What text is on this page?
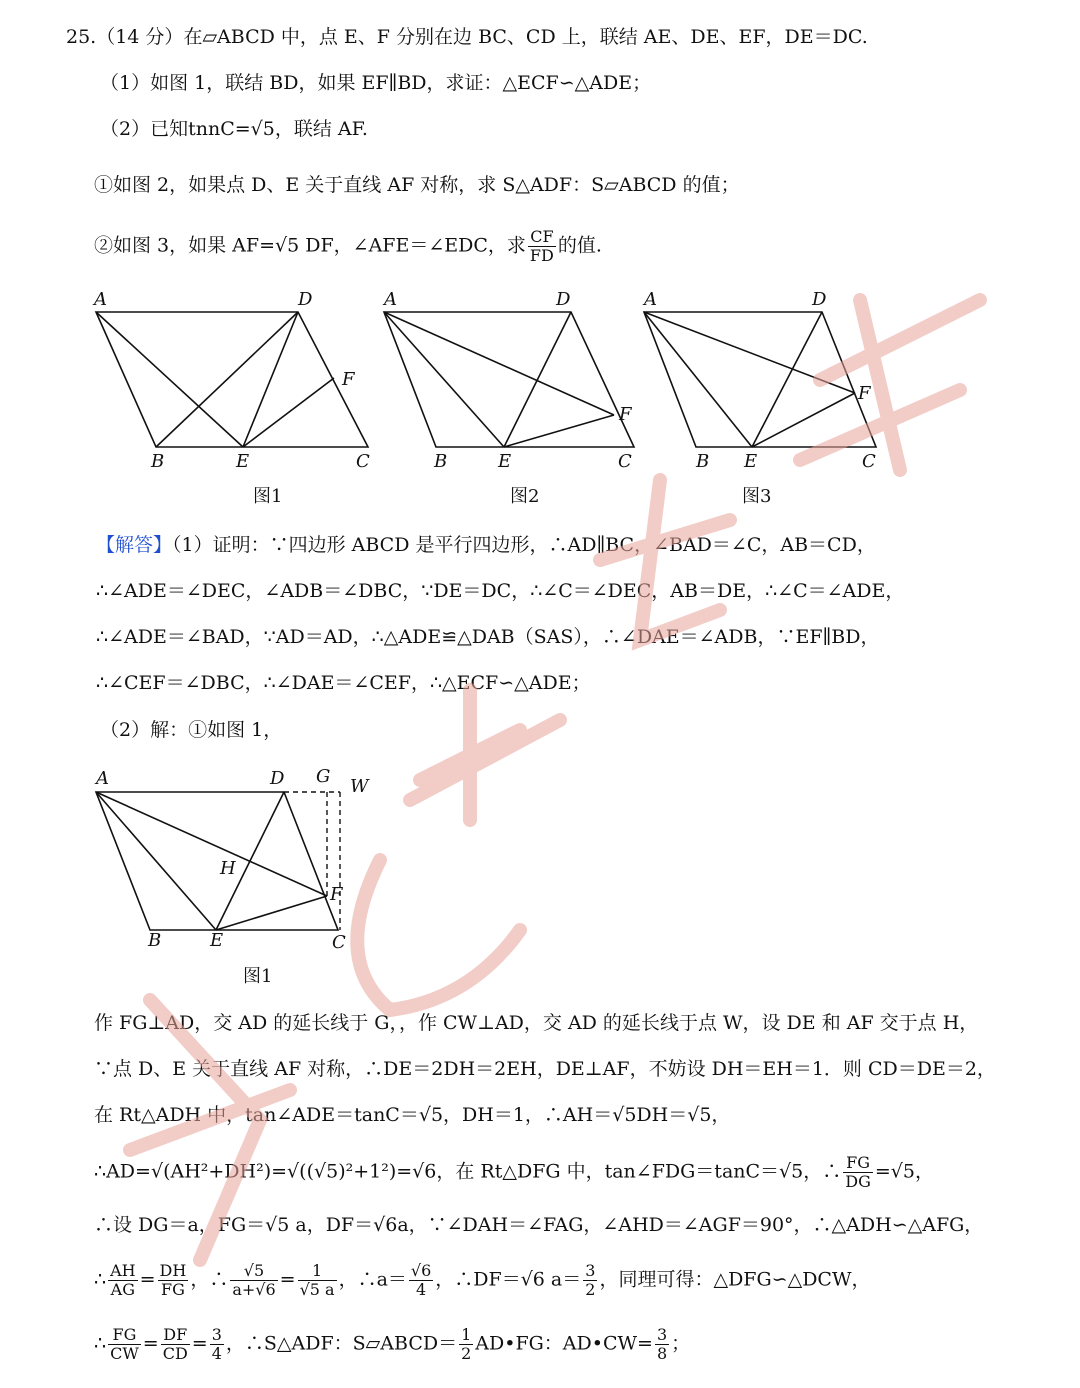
25.（14 分）在▱ABCD 中，点 E、F 分别在边 BC、CD 上，联结 AE、DE、EF，DE＝DC.
（1）如图 1，联结 BD，如果 EF∥BD，求证：△ECF∽△ADE；
（2）已知tnnC=√5，联结 AF.
①如图 2，如果点 D、E 关于直线 AF 对称，求 S△ADF：S▱ABCD 的值；
②如图 3，如果 AF=√5 DF，∠AFE＝∠EDC，求 $\frac{CF}{FD}$ 的值.
A	D
F
B	E	C
图1
A	D
F
B	E	C
图2
A	D
F
B E	C
图3
【解答】（1）证明：∵四边形 ABCD 是平行四边形，∴AD∥BC，∠BAD＝∠C，AB＝CD，
∴∠ADE＝∠DEC，∠ADB＝∠DBC，∵DE＝DC，∴∠C＝∠DEC，AB＝DE，∴∠C＝∠ADE，
∴∠ADE＝∠BAD，∵AD＝AD，∴△ADE≌△DAB（SAS），∴∠DAE＝∠ADB，∵EF∥BD，
∴∠CEF＝∠DBC，∴∠DAE＝∠CEF，∴△ECF∽△ADE；
（2）解：①如图 1，
A	D G W
H
F
B	E	C
图1
作 FG⊥AD，交 AD 的延长线于 G，，作 CW⊥AD，交 AD 的延长线于点 W，设 DE 和 AF 交于点 H，
∵点 D、E 关于直线 AF 对称，∴DE＝2DH＝2EH，DE⊥AF，不妨设 DH＝EH＝1．则 CD＝DE＝2，
在 Rt△ADH 中，tan∠ADE＝tanC＝√5，DH＝1，∴AH＝√5DH＝√5，
∴AD=√(AH²+DH²)=√((√5)²+1²)=√6，在 Rt△DFG 中，tan∠FDG＝tanC＝√5，∴ $\frac{FG}{DG} =√5$，
∴设 DG＝a，FG＝√5 a，DF＝√6a，∵∠DAH＝∠FAG，∠AHD＝∠AGF＝90°，∴△ADH∽△AFG，
∴ $\frac{AH}{AG} = \frac{DH}{FG}$ ，∴ $\frac{√5}{a+√6} = \frac{1}{√5 a}$ ，∴a＝ $\frac{√6}{4}$ ，∴DF＝√6 $a= \frac{3}{2}$ ，同理可得：△DFG∽△DCW，
∴ $\frac{FG}{CW} = \frac{DF}{CD} = \frac{3}{4}$ ，∴S△ADF：S▱ABCD＝ $\frac{1}{2}$ AD•FG：AD•CW= $\frac{3}{8}$ ；
